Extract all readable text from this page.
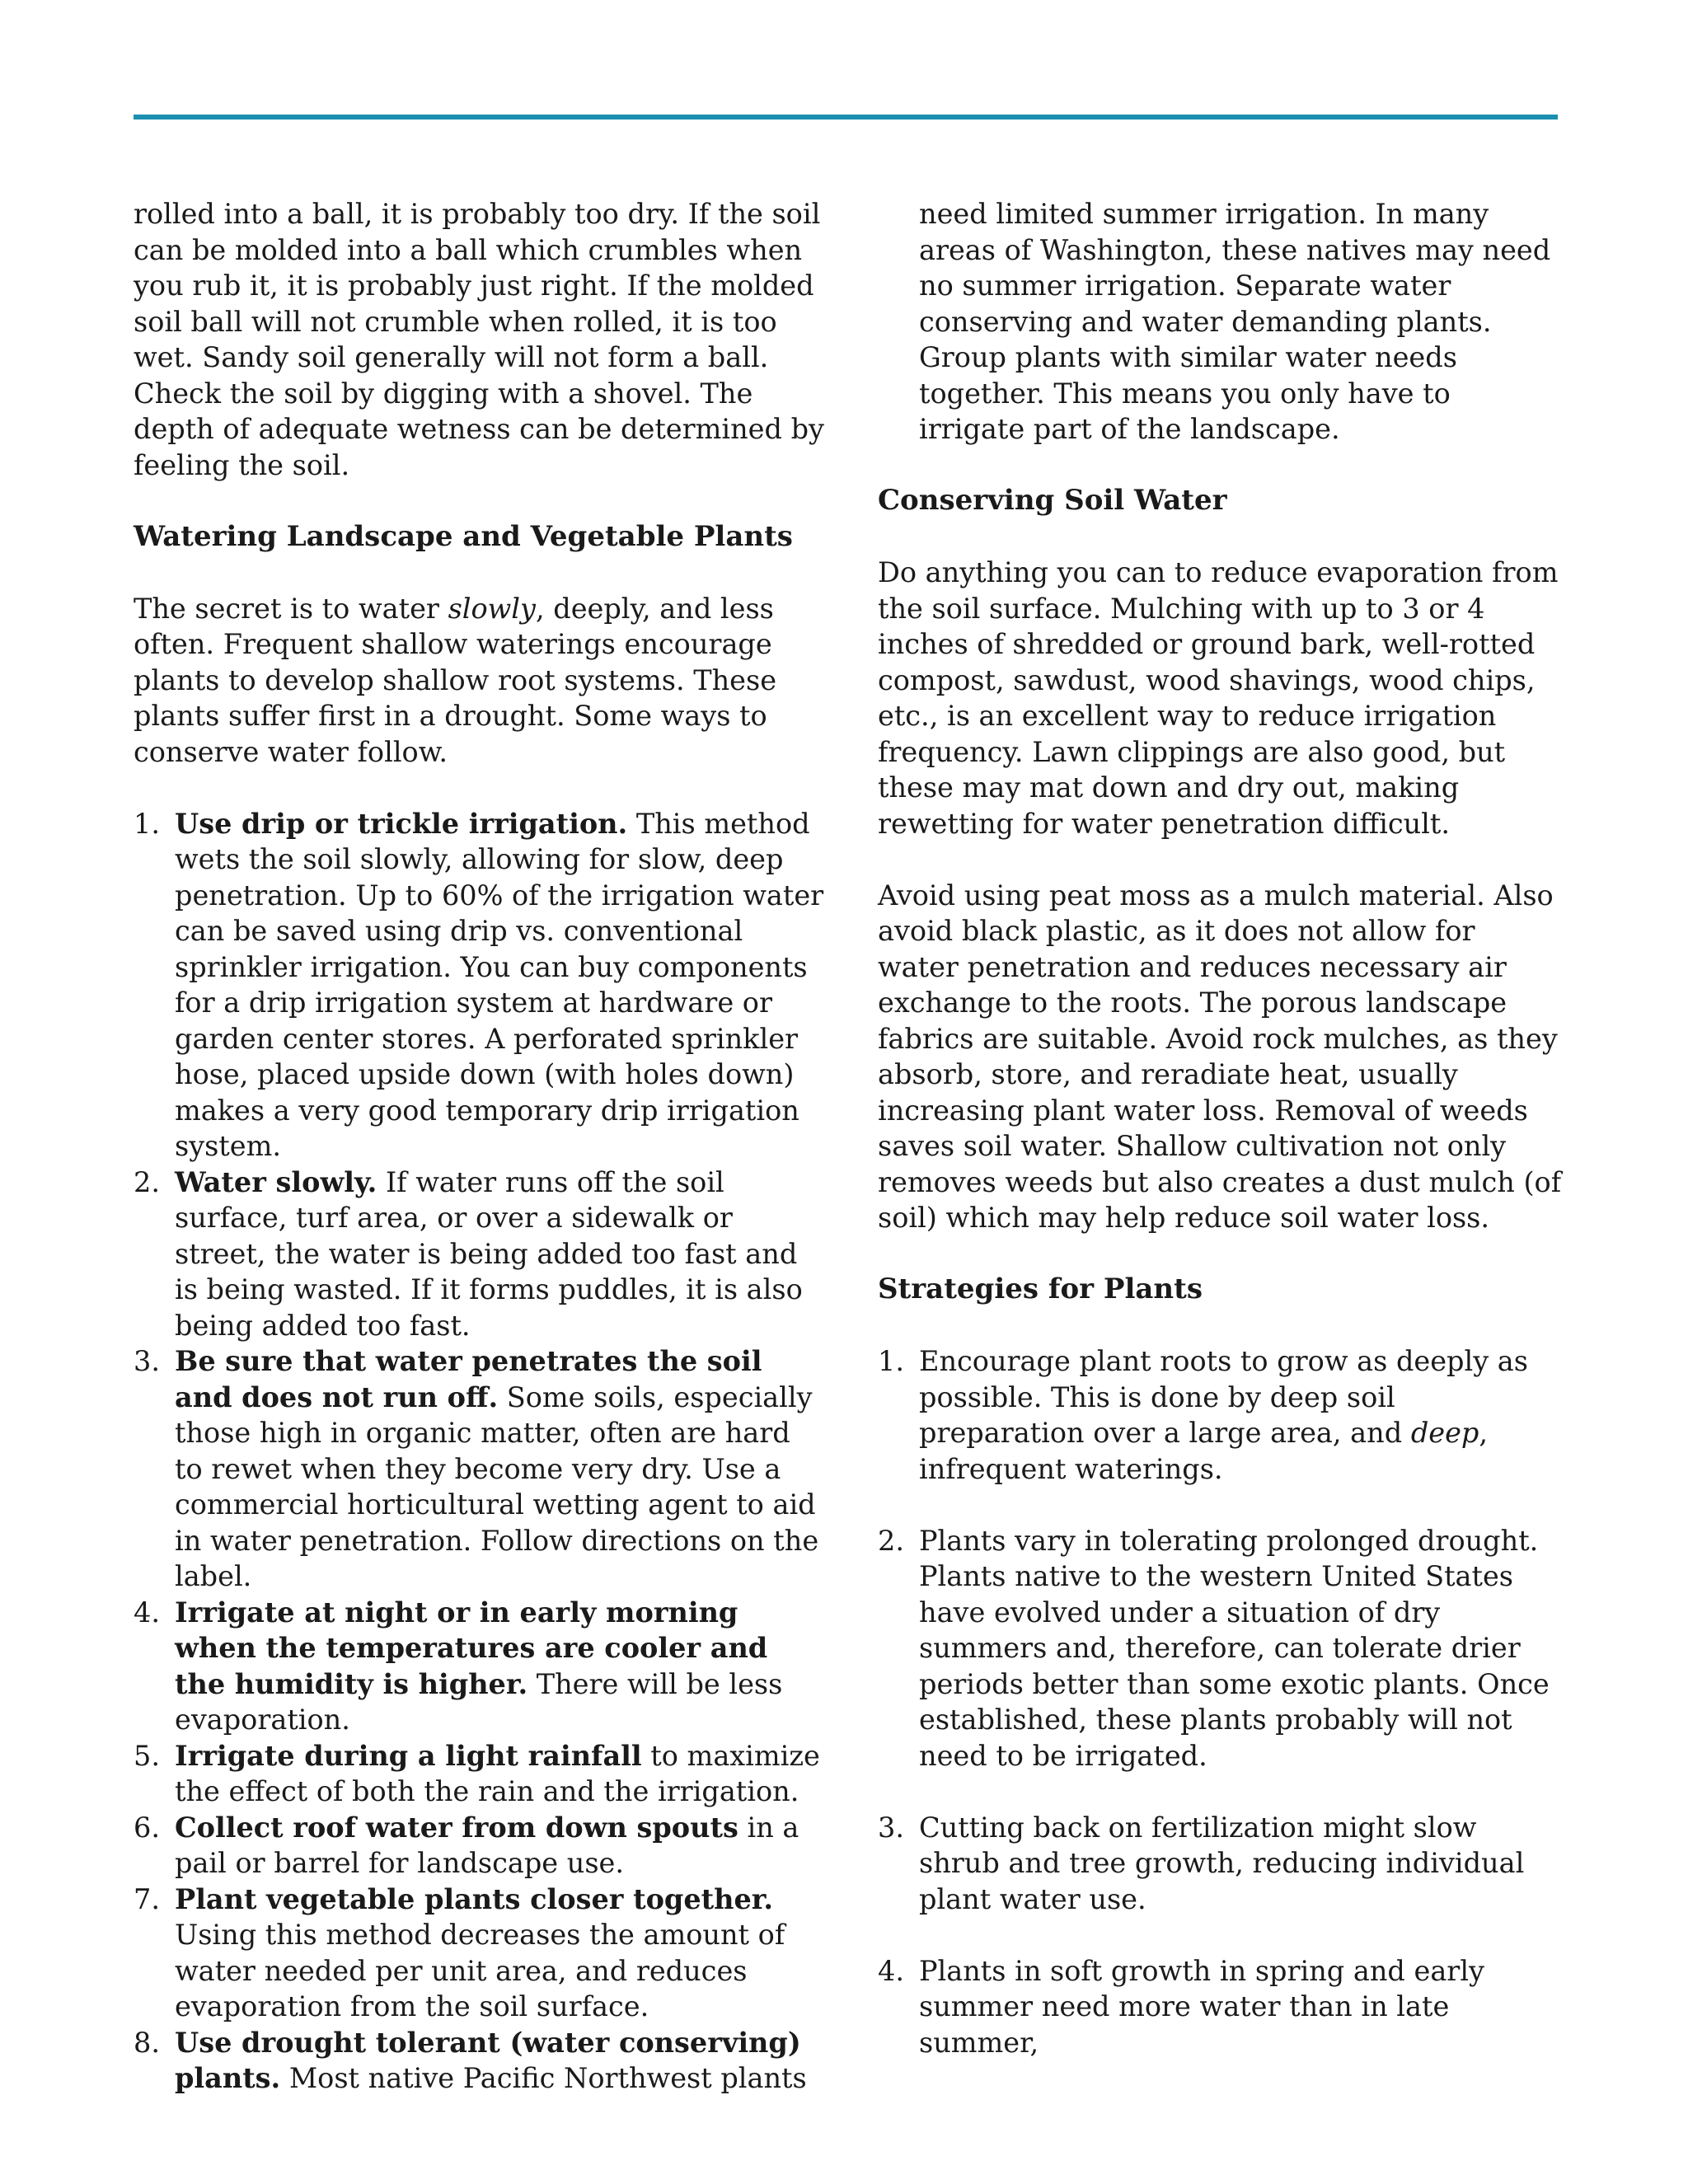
rolled into a ball, it is probably too dry. If the soil can be molded into a ball which crumbles when you rub it, it is probably just right. If the molded soil ball will not crumble when rolled, it is too wet. Sandy soil generally will not form a ball. Check the soil by digging with a shovel. The depth of adequate wetness can be determined by feeling the soil.

Watering Landscape and Vegetable Plants

The secret is to water slowly, deeply, and less often. Frequent shallow waterings encourage plants to develop shallow root systems. These plants suffer first in a drought. Some ways to conserve water follow.

1. Use drip or trickle irrigation. This method wets the soil slowly, allowing for slow, deep penetration. Up to 60% of the irrigation water can be saved using drip vs. conventional sprinkler irrigation. You can buy components for a drip irrigation system at hardware or garden center stores. A perforated sprinkler hose, placed upside down (with holes down) makes a very good temporary drip irrigation system.
2. Water slowly. If water runs off the soil surface, turf area, or over a sidewalk or street, the water is being added too fast and is being wasted. If it forms puddles, it is also being added too fast.
3. Be sure that water penetrates the soil and does not run off. Some soils, especially those high in organic matter, often are hard to rewet when they become very dry. Use a commercial horticultural wetting agent to aid in water penetration. Follow directions on the label.
4. Irrigate at night or in early morning when the temperatures are cooler and the humidity is higher. There will be less evaporation.
5. Irrigate during a light rainfall to maximize the effect of both the rain and the irrigation.
6. Collect roof water from down spouts in a pail or barrel for landscape use.
7. Plant vegetable plants closer together. Using this method decreases the amount of water needed per unit area, and reduces evaporation from the soil surface.
8. Use drought tolerant (water conserving) plants. Most native Pacific Northwest plants

need limited summer irrigation. In many areas of Washington, these natives may need no summer irrigation. Separate water conserving and water demanding plants. Group plants with similar water needs together. This means you only have to irrigate part of the landscape.

Conserving Soil Water

Do anything you can to reduce evaporation from the soil surface. Mulching with up to 3 or 4 inches of shredded or ground bark, well-rotted compost, sawdust, wood shavings, wood chips, etc., is an excellent way to reduce irrigation frequency. Lawn clippings are also good, but these may mat down and dry out, making rewetting for water penetration difficult.

Avoid using peat moss as a mulch material. Also avoid black plastic, as it does not allow for water penetration and reduces necessary air exchange to the roots. The porous landscape fabrics are suitable. Avoid rock mulches, as they absorb, store, and reradiate heat, usually increasing plant water loss. Removal of weeds saves soil water. Shallow cultivation not only removes weeds but also creates a dust mulch (of soil) which may help reduce soil water loss.

Strategies for Plants
1. Encourage plant roots to grow as deeply as possible. This is done by deep soil preparation over a large area, and deep, infrequent waterings.
2. Plants vary in tolerating prolonged drought. Plants native to the western United States have evolved under a situation of dry summers and, therefore, can tolerate drier periods better than some exotic plants. Once established, these plants probably will not need to be irrigated.
3. Cutting back on fertilization might slow shrub and tree growth, reducing individual plant water use.
4. Plants in soft growth in spring and early summer need more water than in late summer,
